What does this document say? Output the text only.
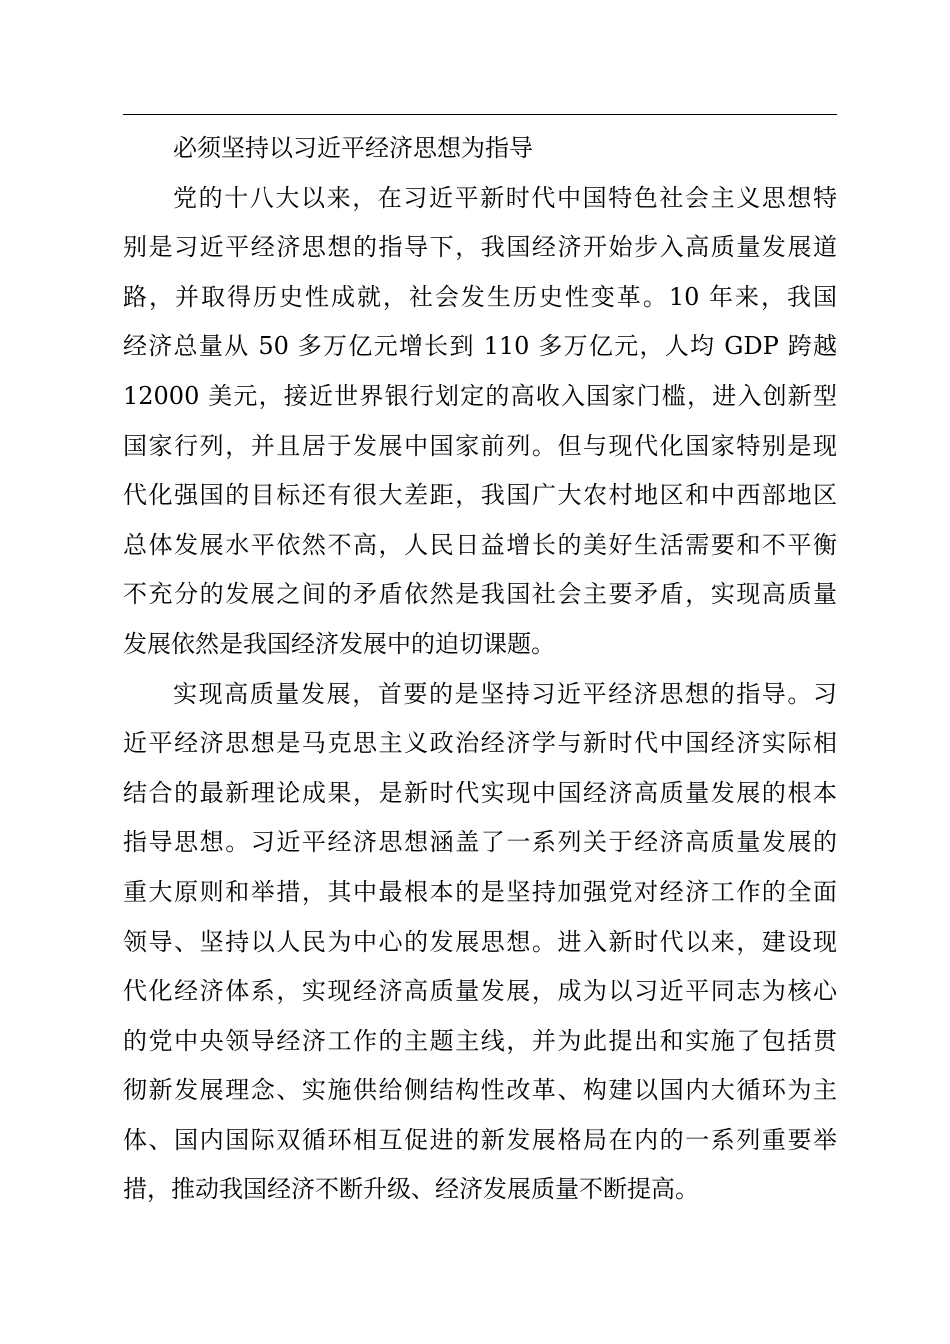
必须坚持以习近平经济思想为指导
党的十八大以来，在习近平新时代中国特色社会主义思想特
别是习近平经济思想的指导下，我国经济开始步入高质量发展道
路，并取得历史性成就，社会发生历史性变革。10 年来，我国
经济总量从 50 多万亿元增长到 110 多万亿元，人均 GDP 跨越
12000 美元，接近世界银行划定的高收入国家门槛，进入创新型
国家行列，并且居于发展中国家前列。但与现代化国家特别是现
代化强国的目标还有很大差距，我国广大农村地区和中西部地区
总体发展水平依然不高，人民日益增长的美好生活需要和不平衡
不充分的发展之间的矛盾依然是我国社会主要矛盾，实现高质量
发展依然是我国经济发展中的迫切课题。
实现高质量发展，首要的是坚持习近平经济思想的指导。习
近平经济思想是马克思主义政治经济学与新时代中国经济实际相
结合的最新理论成果，是新时代实现中国经济高质量发展的根本
指导思想。习近平经济思想涵盖了一系列关于经济高质量发展的
重大原则和举措，其中最根本的是坚持加强党对经济工作的全面
领导、坚持以人民为中心的发展思想。进入新时代以来，建设现
代化经济体系，实现经济高质量发展，成为以习近平同志为核心
的党中央领导经济工作的主题主线，并为此提出和实施了包括贯
彻新发展理念、实施供给侧结构性改革、构建以国内大循环为主
体、国内国际双循环相互促进的新发展格局在内的一系列重要举
措，推动我国经济不断升级、经济发展质量不断提高。
